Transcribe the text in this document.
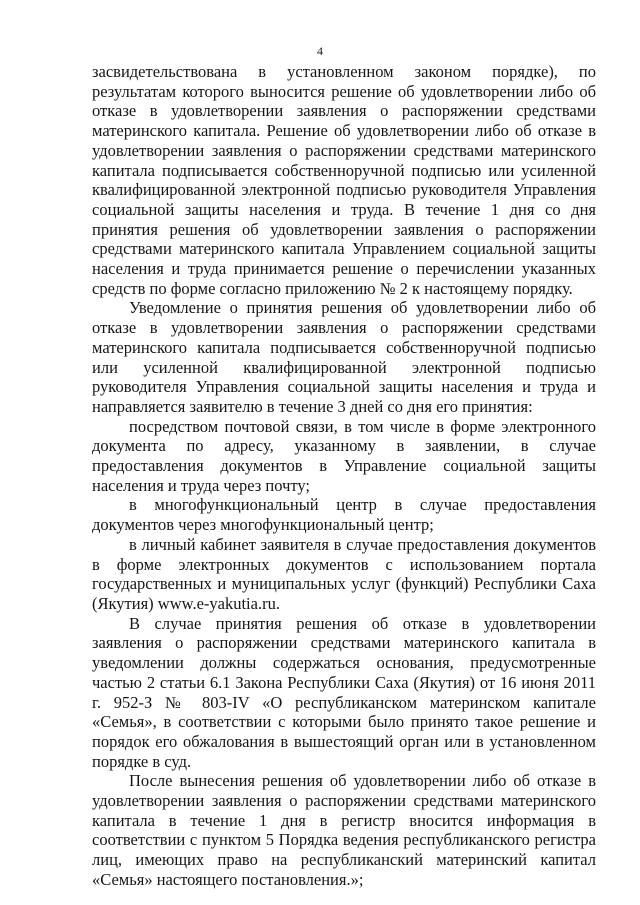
4

засвидетельствована в установленном законом порядке), по результатам которого выносится решение об удовлетворении либо об отказе в удовлетворении заявления о распоряжении средствами материнского капитала. Решение об удовлетворении либо об отказе в удовлетворении заявления о распоряжении средствами материнского капитала подписывается собственноручной подписью или усиленной квалифицированной электронной подписью руководителя Управления социальной защиты населения и труда. В течение 1 дня со дня принятия решения об удовлетворении заявления о распоряжении средствами материнского капитала Управлением социальной защиты населения и труда принимается решение о перечислении указанных средств по форме согласно приложению № 2 к настоящему порядку.

Уведомление о принятия решения об удовлетворении либо об отказе в удовлетворении заявления о распоряжении средствами материнского капитала подписывается собственноручной подписью или усиленной квалифицированной электронной подписью руководителя Управления социальной защиты населения и труда и направляется заявителю в течение 3 дней со дня его принятия:

посредством почтовой связи, в том числе в форме электронного документа по адресу, указанному в заявлении, в случае предоставления документов в Управление социальной защиты населения и труда через почту;

в многофункциональный центр в случае предоставления документов через многофункциональный центр;

в личный кабинет заявителя в случае предоставления документов в форме электронных документов с использованием портала государственных и муниципальных услуг (функций) Республики Саха (Якутия) www.e-yakutia.ru.

В случае принятия решения об отказе в удовлетворении заявления о распоряжении средствами материнского капитала в уведомлении должны содержаться основания, предусмотренные частью 2 статьи 6.1 Закона Республики Саха (Якутия) от 16 июня 2011 г. 952-З № 803-IV «О республиканском материнском капитале «Семья», в соответствии с которыми было принято такое решение и порядок его обжалования в вышестоящий орган или в установленном порядке в суд.

После вынесения решения об удовлетворении либо об отказе в удовлетворении заявления о распоряжении средствами материнского капитала в течение 1 дня в регистр вносится информация в соответствии с пунктом 5 Порядка ведения республиканского регистра лиц, имеющих право на республиканский материнский капитал «Семья» настоящего постановления.»;
